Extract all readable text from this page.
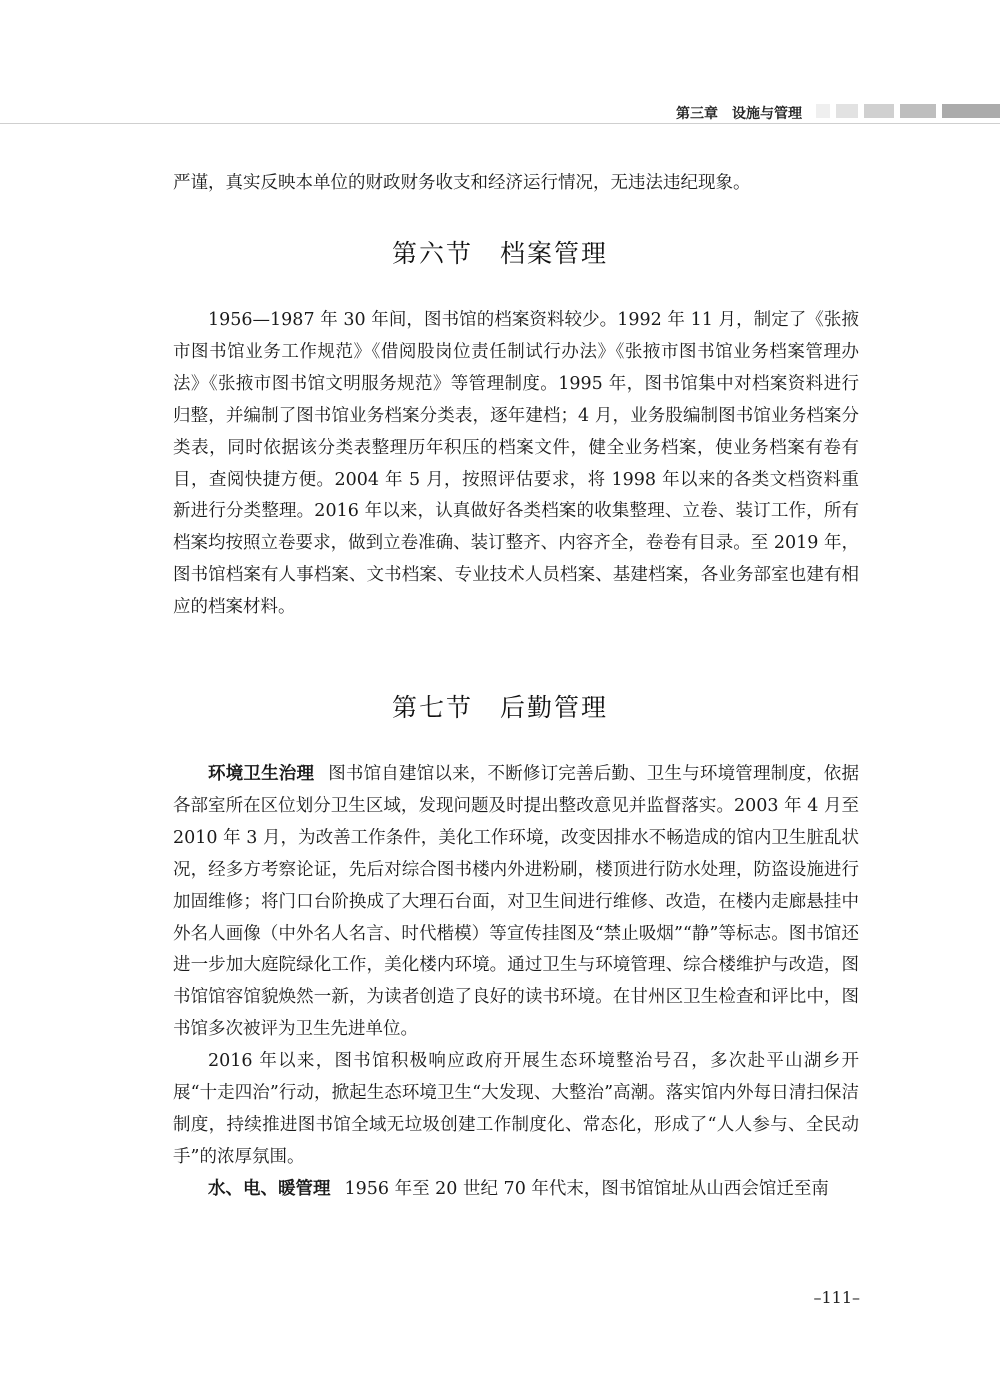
第三章　设施与管理

严谨，真实反映本单位的财政财务收支和经济运行情况，无违法违纪现象。

第六节　档案管理

1956—1987 年 30 年间，图书馆的档案资料较少。1992 年 11 月，制定了《张掖市图书馆业务工作规范》《借阅股岗位责任制试行办法》《张掖市图书馆业务档案管理办法》《张掖市图书馆文明服务规范》等管理制度。1995 年，图书馆集中对档案资料进行归整，并编制了图书馆业务档案分类表，逐年建档；4 月，业务股编制图书馆业务档案分类表，同时依据该分类表整理历年积压的档案文件，健全业务档案，使业务档案有卷有目，查阅快捷方便。2004 年 5 月，按照评估要求，将 1998 年以来的各类文档资料重新进行分类整理。2016 年以来，认真做好各类档案的收集整理、立卷、装订工作，所有档案均按照立卷要求，做到立卷准确、装订整齐、内容齐全，卷卷有目录。至 2019 年，图书馆档案有人事档案、文书档案、专业技术人员档案、基建档案，各业务部室也建有相应的档案材料。

第七节　后勤管理

环境卫生治理 图书馆自建馆以来，不断修订完善后勤、卫生与环境管理制度，依据各部室所在区位划分卫生区域，发现问题及时提出整改意见并监督落实。2003 年 4 月至 2010 年 3 月，为改善工作条件，美化工作环境，改变因排水不畅造成的馆内卫生脏乱状况，经多方考察论证，先后对综合图书楼内外进粉刷，楼顶进行防水处理，防盗设施进行加固维修；将门口台阶换成了大理石台面，对卫生间进行维修、改造，在楼内走廊悬挂中外名人画像（中外名人名言、时代楷模）等宣传挂图及“禁止吸烟”“静”等标志。图书馆还进一步加大庭院绿化工作，美化楼内环境。通过卫生与环境管理、综合楼维护与改造，图书馆馆容馆貌焕然一新，为读者创造了良好的读书环境。在甘州区卫生检查和评比中，图书馆多次被评为卫生先进单位。

2016 年以来，图书馆积极响应政府开展生态环境整治号召，多次赴平山湖乡开展“十走四治”行动，掀起生态环境卫生“大发现、大整治”高潮。落实馆内外每日清扫保洁制度，持续推进图书馆全域无垃圾创建工作制度化、常态化，形成了“人人参与、全民动手”的浓厚氛围。

水、电、暖管理 1956 年至 20 世纪 70 年代末，图书馆馆址从山西会馆迁至南

–111–
